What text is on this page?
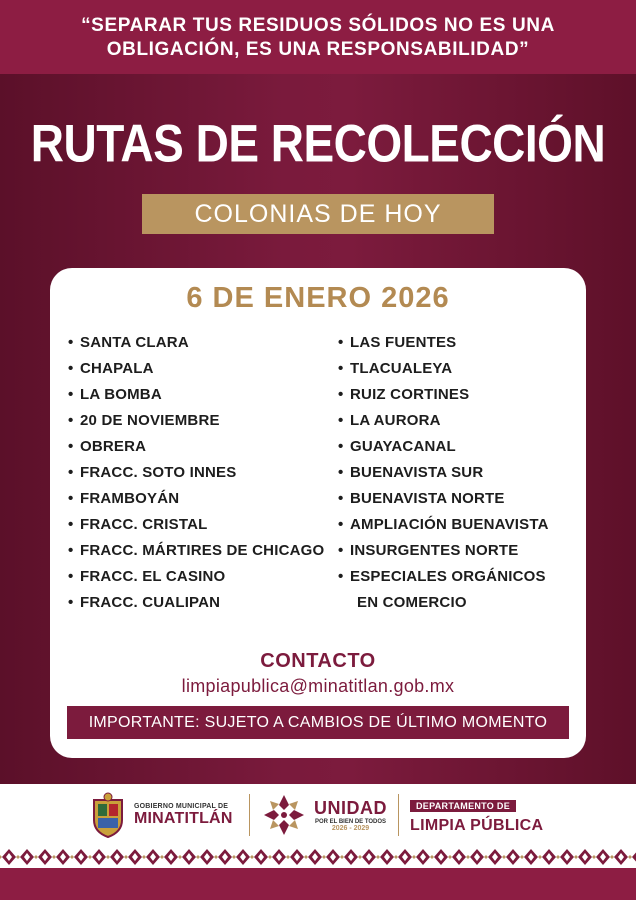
“SEPARAR TUS RESIDUOS SÓLIDOS NO ES UNA
OBLIGACIÓN, ES UNA RESPONSABILIDAD”
RUTAS DE RECOLECCIÓN
COLONIAS DE HOY
6 DE ENERO 2026
• SANTA CLARA
• CHAPALA
• LA BOMBA
• 20 DE NOVIEMBRE
• OBRERA
• FRACC. SOTO INNES
• FRAMBOYÁN
• FRACC. CRISTAL
• FRACC. MÁRTIRES DE CHICAGO
• FRACC. EL CASINO
• FRACC. CUALIPAN
• LAS FUENTES
• TLACUALEYA
• RUIZ CORTINES
• LA AURORA
• GUAYACANAL
• BUENAVISTA SUR
• BUENAVISTA NORTE
• AMPLIACIÓN BUENAVISTA
• INSURGENTES NORTE
• ESPECIALES ORGÁNICOS
EN COMERCIO
CONTACTO
limpiapublica@minatitlan.gob.mx
IMPORTANTE: SUJETO A CAMBIOS DE ÚLTIMO MOMENTO
GOBIERNO MUNICIPAL DE
MINATITLÁN	UNIDAD
POR EL BIEN DE TODOS
2026 - 2029
DEPARTAMENTO DE
LIMPIA PÚBLICA
